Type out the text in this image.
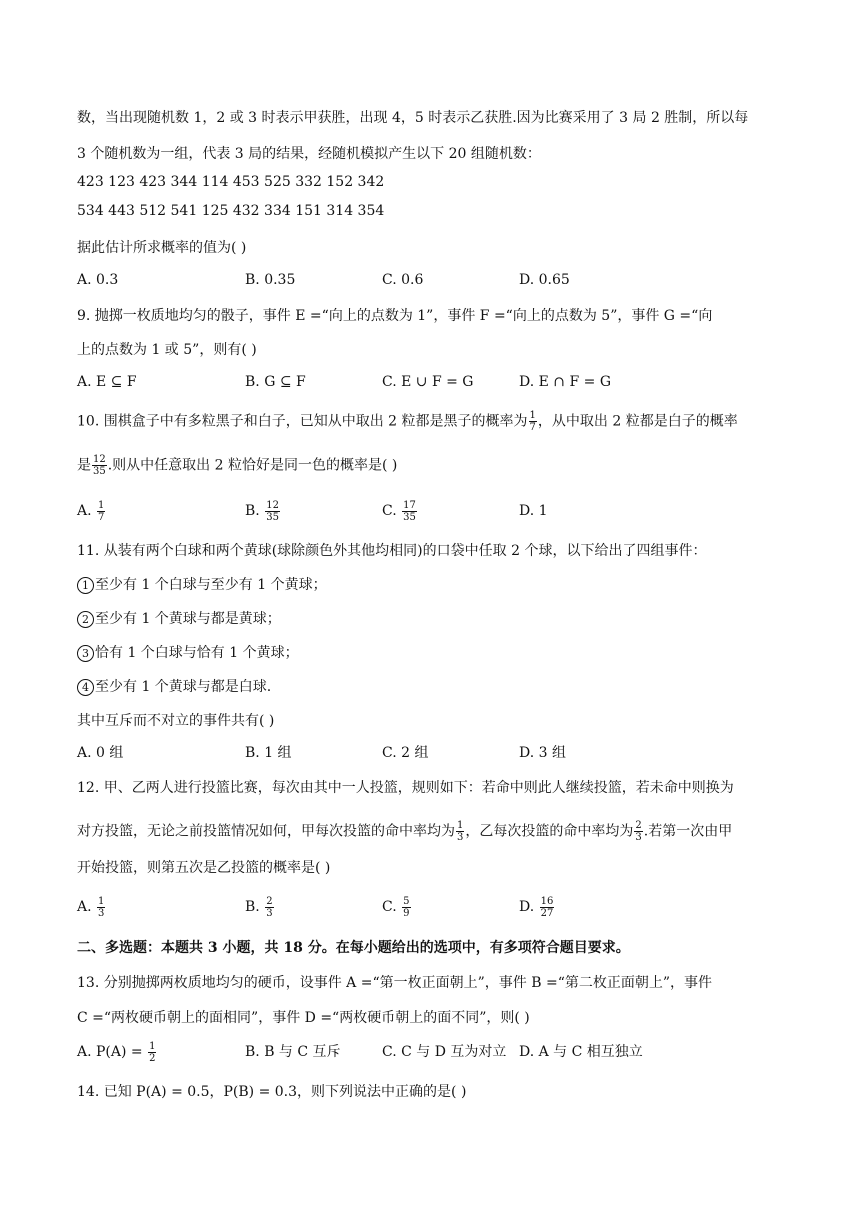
数，当出现随机数 1，2 或 3 时表示甲获胜，出现 4，5 时表示乙获胜.因为比赛采用了 3 局 2 胜制，所以每
3 个随机数为一组，代表 3 局的结果，经随机模拟产生以下 20 组随机数：
423 123 423 344 114 453 525 332 152 342
534 443 512 541 125 432 334 151 314 354
据此估计所求概率的值为( )
A. 0.3	B. 0.35	C. 0.6	D. 0.65
9. 抛掷一枚质地均匀的骰子，事件 E =“向上的点数为 1”，事件 F =“向上的点数为 5”，事件 G =“向
上的点数为 1 或 5”，则有( )
A. E ⊆ F	B. G ⊆ F	C. E ∪ F = G	D. E ∩ F = G
10. 围棋盒子中有多粒黑子和白子，已知从中取出 2 粒都是黑子的概率为 $\frac{1}{7}$ ，从中取出 2 粒都是白子的概率
是 $\frac{12}{35}$ .则从中任意取出 2 粒恰好是同一色的概率是( )
A. $\frac{1}{7}$	B. $\frac{12}{35}$	C. $\frac{17}{35}$	D. 1
11. 从装有两个白球和两个黄球(球除颜色外其他均相同)的口袋中任取 2 个球，以下给出了四组事件：
1 至少有 1 个白球与至少有 1 个黄球；
2 至少有 1 个黄球与都是黄球；
3 恰有 1 个白球与恰有 1 个黄球；
4 至少有 1 个黄球与都是白球.
其中互斥而不对立的事件共有( )
A. 0 组	B. 1 组	C. 2 组	D. 3 组
12. 甲、乙两人进行投篮比赛，每次由其中一人投篮，规则如下：若命中则此人继续投篮，若未命中则换为
对方投篮，无论之前投篮情况如何，甲每次投篮的命中率均为 $\frac{1}{3}$ ，乙每次投篮的命中率均为 $\frac{2}{3}$ .若第一次由甲
开始投篮，则第五次是乙投篮的概率是( )
A. $\frac{1}{3}$	B. $\frac{2}{3}$	C. $\frac{5}{9}$	D. $\frac{16}{27}$
二、多选题：本题共 3 小题，共 18 分。在每小题给出的选项中，有多项符合题目要求。
13. 分别抛掷两枚质地均匀的硬币，设事件 A =“第一枚正面朝上”，事件 B =“第二枚正面朝上”，事件
C =“两枚硬币朝上的面相同”，事件 D =“两枚硬币朝上的面不同”，则( )
A. $P(A) = \frac{1}{2}$	B. B 与 C 互斥	C. C 与 D 互为对立 D. A 与 C 相互独立
14. 已知 P(A) = 0.5，P(B) = 0.3，则下列说法中正确的是( )
